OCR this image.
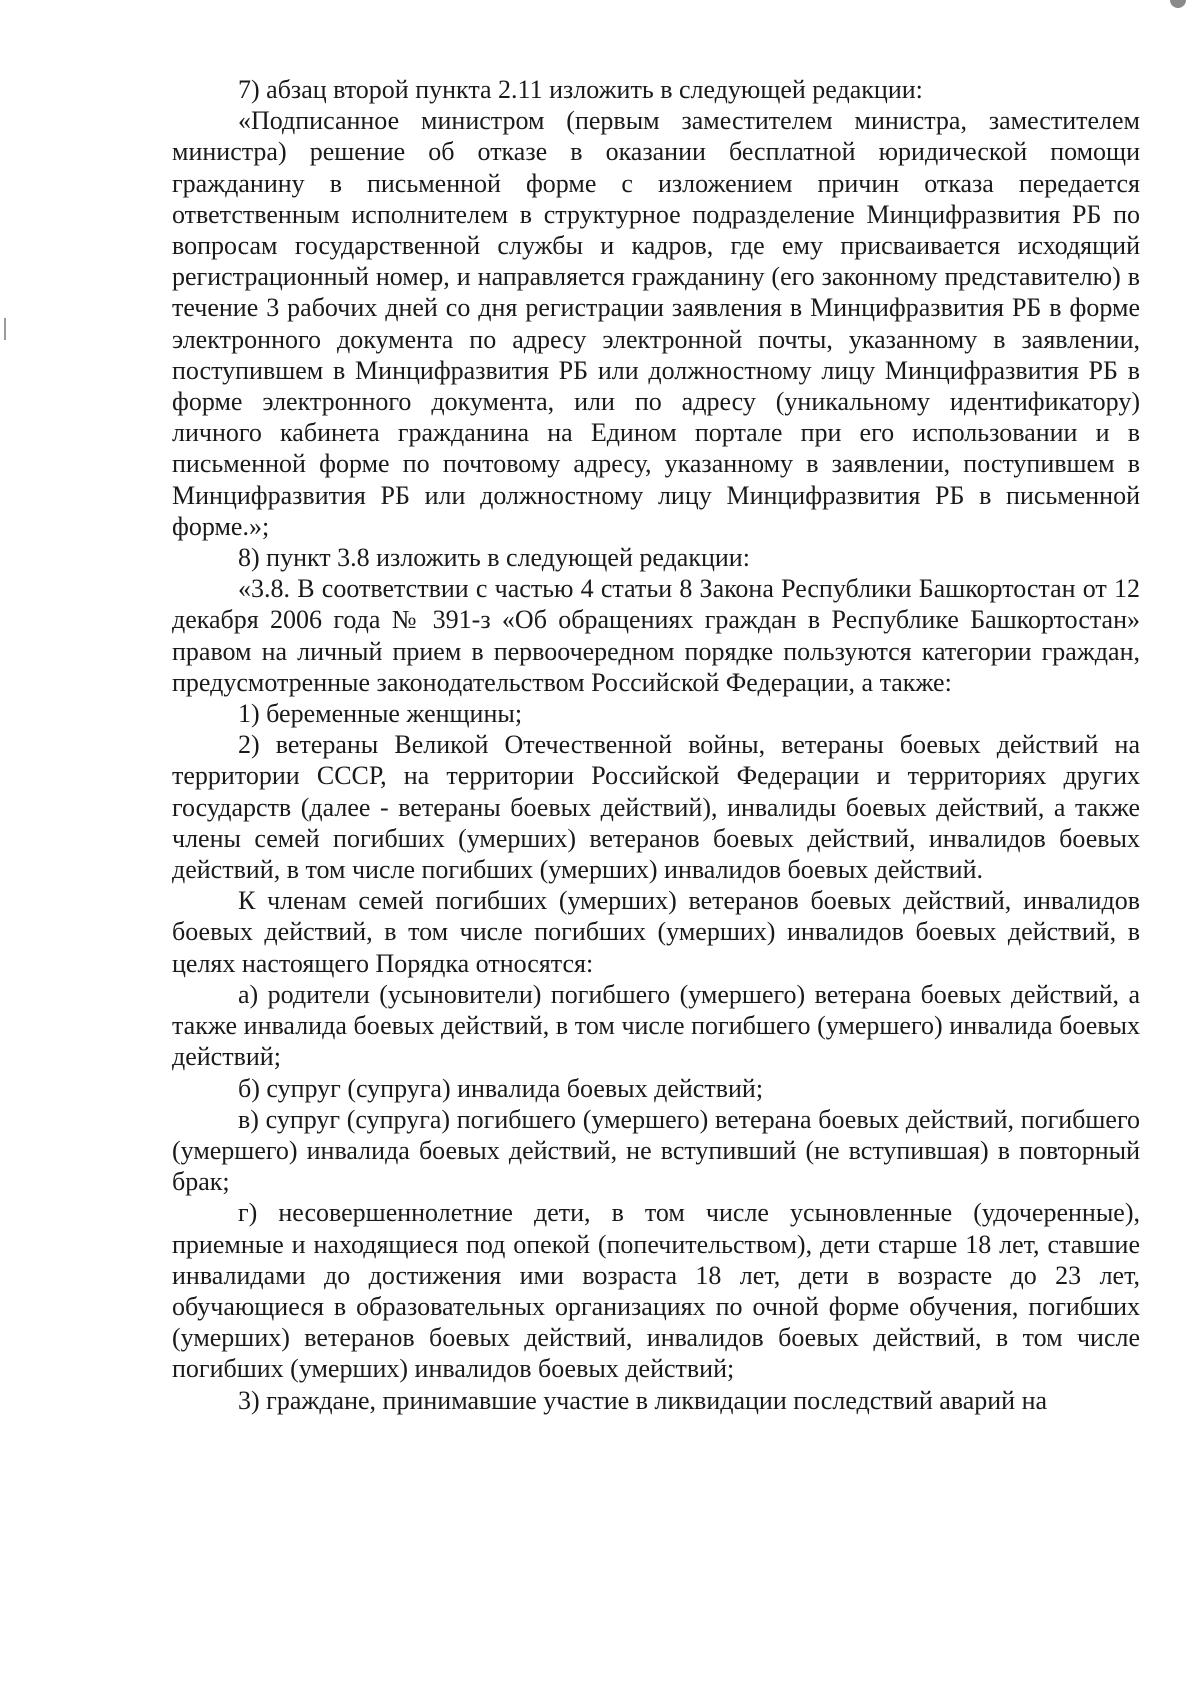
7) абзац второй пункта 2.11 изложить в следующей редакции:

«Подписанное министром (первым заместителем министра, заместителем министра) решение об отказе в оказании бесплатной юридической помощи гражданину в письменной форме с изложением причин отказа передается ответственным исполнителем в структурное подразделение Минцифразвития РБ по вопросам государственной службы и кадров, где ему присваивается исходящий регистрационный номер, и направляется гражданину (его законному представителю) в течение 3 рабочих дней со дня регистрации заявления в Минцифразвития РБ в форме электронного документа по адресу электронной почты, указанному в заявлении, поступившем в Минцифразвития РБ или должностному лицу Минцифразвития РБ в форме электронного документа, или по адресу (уникальному идентификатору) личного кабинета гражданина на Едином портале при его использовании и в письменной форме по почтовому адресу, указанному в заявлении, поступившем в Минцифразвития РБ или должностному лицу Минцифразвития РБ в письменной форме.»;

8) пункт 3.8 изложить в следующей редакции:

«3.8. В соответствии с частью 4 статьи 8 Закона Республики Башкортостан от 12 декабря 2006 года № 391-з «Об обращениях граждан в Республике Башкортостан» правом на личный прием в первоочередном порядке пользуются категории граждан, предусмотренные законодательством Российской Федерации, а также:

1) беременные женщины;

2) ветераны Великой Отечественной войны, ветераны боевых действий на территории СССР, на территории Российской Федерации и территориях других государств (далее - ветераны боевых действий), инвалиды боевых действий, а также члены семей погибших (умерших) ветеранов боевых действий, инвалидов боевых действий, в том числе погибших (умерших) инвалидов боевых действий.

К членам семей погибших (умерших) ветеранов боевых действий, инвалидов боевых действий, в том числе погибших (умерших) инвалидов боевых действий, в целях настоящего Порядка относятся:

а) родители (усыновители) погибшего (умершего) ветерана боевых действий, а также инвалида боевых действий, в том числе погибшего (умершего) инвалида боевых действий;

б) супруг (супруга) инвалида боевых действий;

в) супруг (супруга) погибшего (умершего) ветерана боевых действий, погибшего (умершего) инвалида боевых действий, не вступивший (не вступившая) в повторный брак;

г) несовершеннолетние дети, в том числе усыновленные (удочеренные), приемные и находящиеся под опекой (попечительством), дети старше 18 лет, ставшие инвалидами до достижения ими возраста 18 лет, дети в возрасте до 23 лет, обучающиеся в образовательных организациях по очной форме обучения, погибших (умерших) ветеранов боевых действий, инвалидов боевых действий, в том числе погибших (умерших) инвалидов боевых действий;

3) граждане, принимавшие участие в ликвидации последствий аварий на
